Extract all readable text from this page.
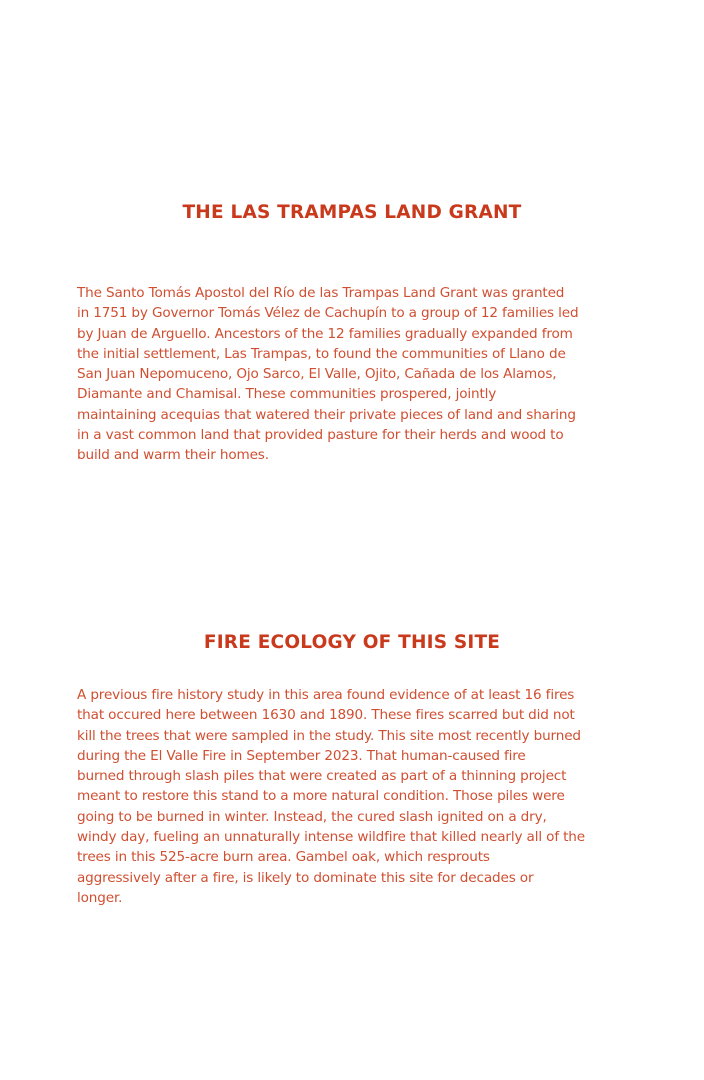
THE LAS TRAMPAS LAND GRANT

The Santo Tomás Apostol del Río de las Trampas Land Grant was granted
in 1751 by Governor Tomás Vélez de Cachupín to a group of 12 families led
by Juan de Arguello. Ancestors of the 12 families gradually expanded from
the initial settlement, Las Trampas, to found the communities of Llano de
San Juan Nepomuceno, Ojo Sarco, El Valle, Ojito, Cañada de los Alamos,
Diamante and Chamisal. These communities prospered, jointly
maintaining acequias that watered their private pieces of land and sharing
in a vast common land that provided pasture for their herds and wood to
build and warm their homes.

FIRE ECOLOGY OF THIS SITE

A previous fire history study in this area found evidence of at least 16 fires
that occured here between 1630 and 1890. These fires scarred but did not
kill the trees that were sampled in the study. This site most recently burned
during the El Valle Fire in September 2023. That human-caused fire
burned through slash piles that were created as part of a thinning project
meant to restore this stand to a more natural condition. Those piles were
going to be burned in winter. Instead, the cured slash ignited on a dry,
windy day, fueling an unnaturally intense wildfire that killed nearly all of the
trees in this 525-acre burn area. Gambel oak, which resprouts
aggressively after a fire, is likely to dominate this site for decades or
longer.
